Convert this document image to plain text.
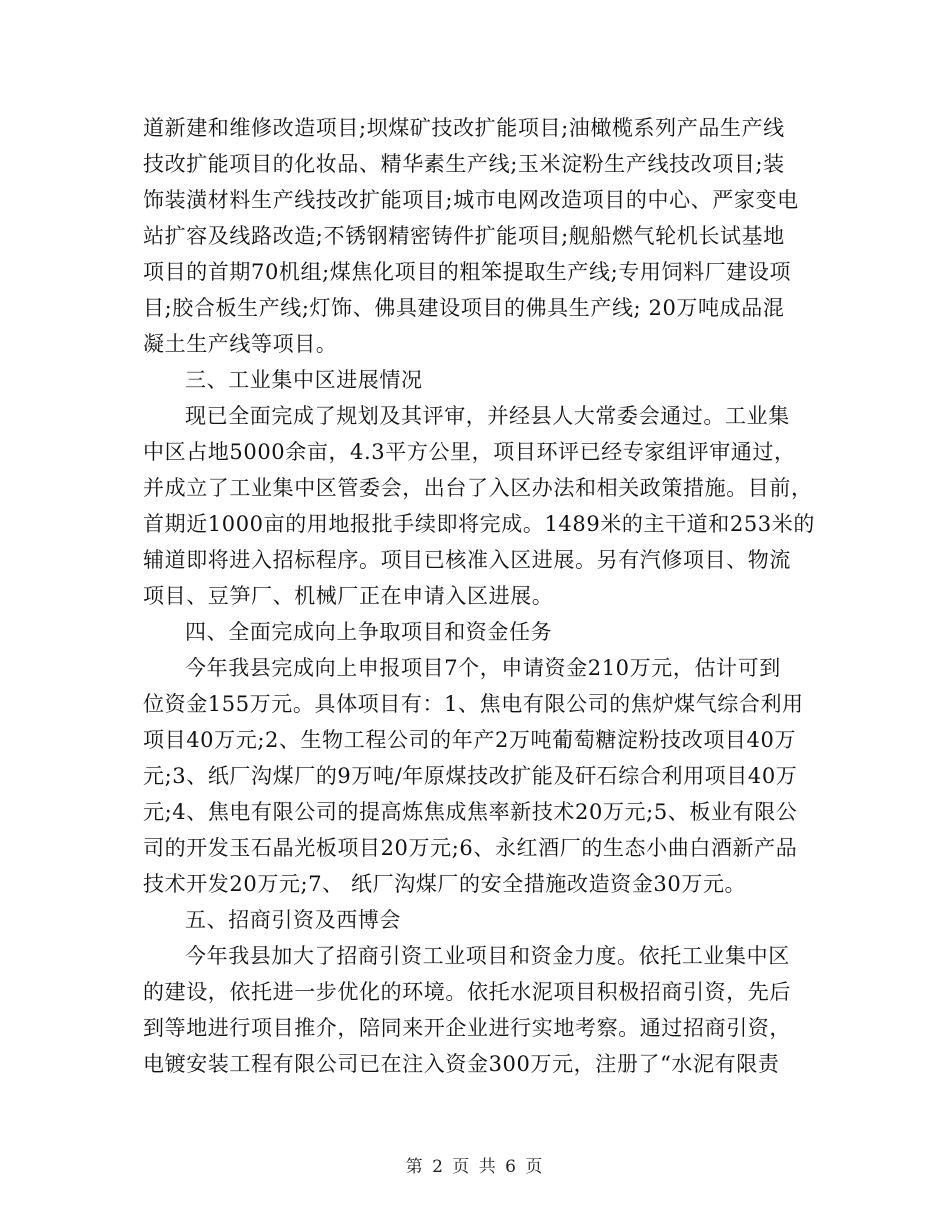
道新建和维修改造项目;坝煤矿技改扩能项目;油橄榄系列产品生产线
技改扩能项目的化妆品、精华素生产线;玉米淀粉生产线技改项目;装
饰装潢材料生产线技改扩能项目;城市电网改造项目的中心、严家变电
站扩容及线路改造;不锈钢精密铸件扩能项目;舰船燃气轮机长试基地
项目的首期70机组;煤焦化项目的粗笨提取生产线;专用饲料厂建设项
目;胶合板生产线;灯饰、佛具建设项目的佛具生产线; 20万吨成品混
凝土生产线等项目。
三、工业集中区进展情况
现已全面完成了规划及其评审，并经县人大常委会通过。工业集
中区占地5000余亩，4.3平方公里，项目环评已经专家组评审通过，
并成立了工业集中区管委会，出台了入区办法和相关政策措施。目前，
首期近1000亩的用地报批手续即将完成。1489米的主干道和253米的
辅道即将进入招标程序。项目已核准入区进展。另有汽修项目、物流
项目、豆笋厂、机械厂正在申请入区进展。
四、全面完成向上争取项目和资金任务
今年我县完成向上申报项目7个，申请资金210万元，估计可到
位资金155万元。具体项目有：1、焦电有限公司的焦炉煤气综合利用
项目40万元;2、生物工程公司的年产2万吨葡萄糖淀粉技改项目40万
元;3、纸厂沟煤厂的9万吨/年原煤技改扩能及矸石综合利用项目40万
元;4、焦电有限公司的提高炼焦成焦率新技术20万元;5、板业有限公
司的开发玉石晶光板项目20万元;6、永红酒厂的生态小曲白酒新产品
技术开发20万元;7、 纸厂沟煤厂的安全措施改造资金30万元。
五、招商引资及西博会
今年我县加大了招商引资工业项目和资金力度。依托工业集中区
的建设，依托进一步优化的环境。依托水泥项目积极招商引资，先后
到等地进行项目推介，陪同来开企业进行实地考察。通过招商引资，
电镀安装工程有限公司已在注入资金300万元，注册了“水泥有限责
第 2 页 共 6 页
